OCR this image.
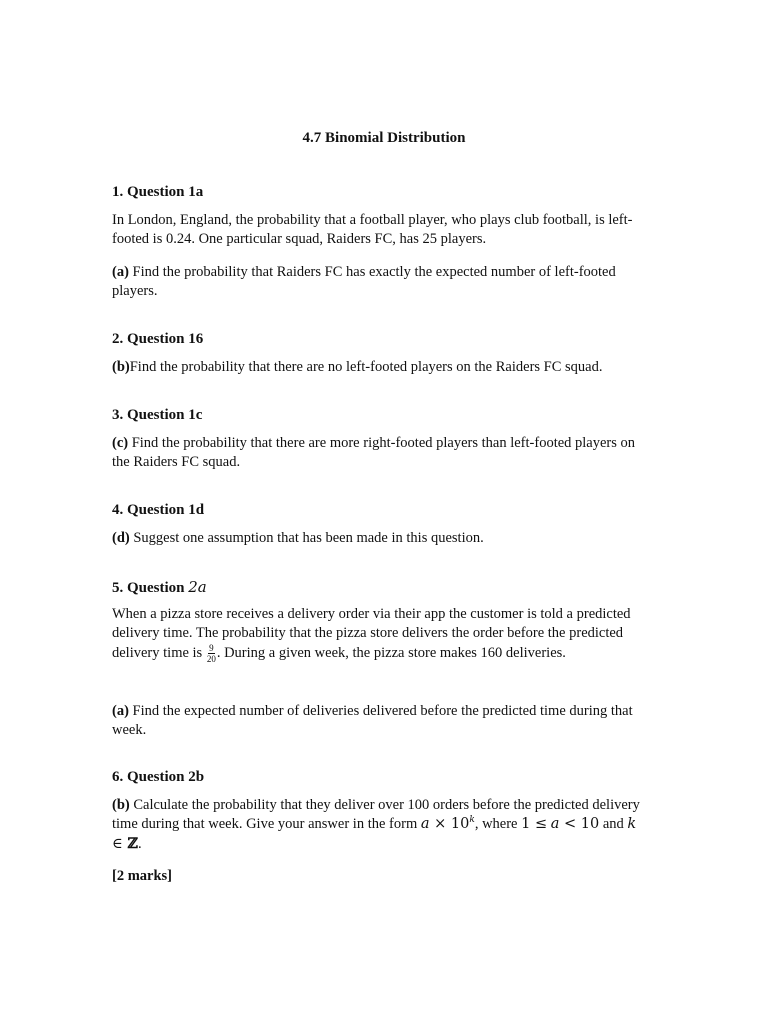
4.7 Binomial Distribution
1. Question 1a

In London, England, the probability that a football player, who plays club football, is left-footed is 0.24. One particular squad, Raiders FC, has 25 players.

(a) Find the probability that Raiders FC has exactly the expected number of left-footed players.

2. Question 16

(b)Find the probability that there are no left-footed players on the Raiders FC squad.

3. Question 1c

(c) Find the probability that there are more right-footed players than left-footed players on the Raiders FC squad.

4. Question 1d

(d) Suggest one assumption that has been made in this question.

5. Question 2a

When a pizza store receives a delivery order via their app the customer is told a predicted delivery time. The probability that the pizza store delivers the order before the predicted delivery time is $\frac{9}{20}$ . During a given week, the pizza store makes 160 deliveries.

(a) Find the expected number of deliveries delivered before the predicted time during that week.

6. Question 2b

(b) Calculate the probability that they deliver over 100 orders before the predicted delivery time during that week. Give your answer in the form $a \times 10^k$, where 1 ≤ a < 10 and k ∈ ℤ.

[2 marks]
